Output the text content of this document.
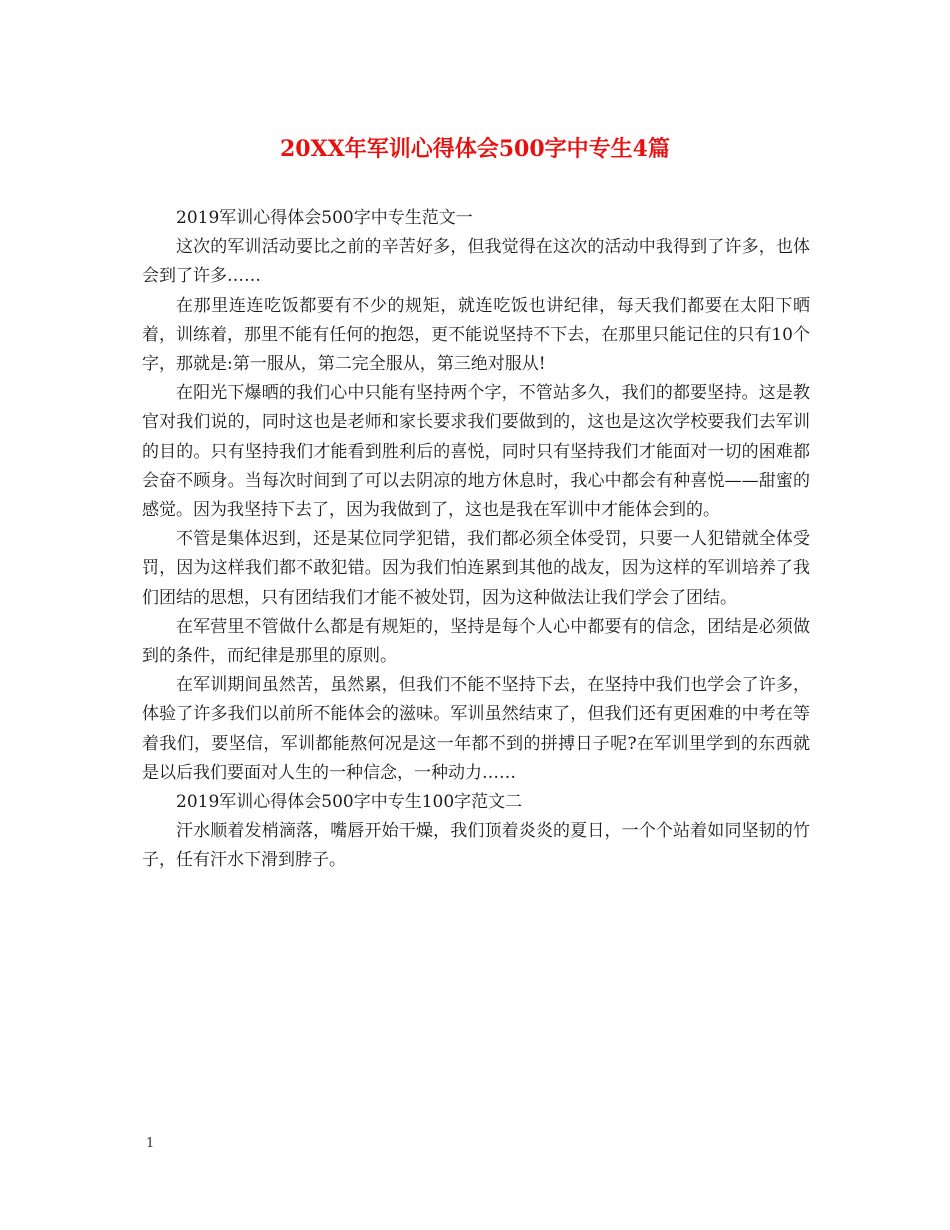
20XX年军训心得体会500字中专生4篇

2019军训心得体会500字中专生范文一

这次的军训活动要比之前的辛苦好多，但我觉得在这次的活动中我得到了许多，也体会到了许多……

在那里连连吃饭都要有不少的规矩，就连吃饭也讲纪律，每天我们都要在太阳下晒着，训练着，那里不能有任何的抱怨，更不能说坚持不下去，在那里只能记住的只有10个字，那就是:第一服从，第二完全服从，第三绝对服从!

在阳光下爆晒的我们心中只能有坚持两个字，不管站多久，我们的都要坚持。这是教官对我们说的，同时这也是老师和家长要求我们要做到的，这也是这次学校要我们去军训的目的。只有坚持我们才能看到胜利后的喜悦，同时只有坚持我们才能面对一切的困难都会奋不顾身。当每次时间到了可以去阴凉的地方休息时，我心中都会有种喜悦——甜蜜的感觉。因为我坚持下去了，因为我做到了，这也是我在军训中才能体会到的。

不管是集体迟到，还是某位同学犯错，我们都必须全体受罚，只要一人犯错就全体受罚，因为这样我们都不敢犯错。因为我们怕连累到其他的战友，因为这样的军训培养了我们团结的思想，只有团结我们才能不被处罚，因为这种做法让我们学会了团结。

在军营里不管做什么都是有规矩的，坚持是每个人心中都要有的信念，团结是必须做到的条件，而纪律是那里的原则。

在军训期间虽然苦，虽然累，但我们不能不坚持下去，在坚持中我们也学会了许多，体验了许多我们以前所不能体会的滋味。军训虽然结束了，但我们还有更困难的中考在等着我们，要坚信，军训都能熬何况是这一年都不到的拼搏日子呢?在军训里学到的东西就是以后我们要面对人生的一种信念，一种动力……

2019军训心得体会500字中专生100字范文二

汗水顺着发梢滴落，嘴唇开始干燥，我们顶着炎炎的夏日，一个个站着如同坚韧的竹子，任有汗水下滑到脖子。

1
